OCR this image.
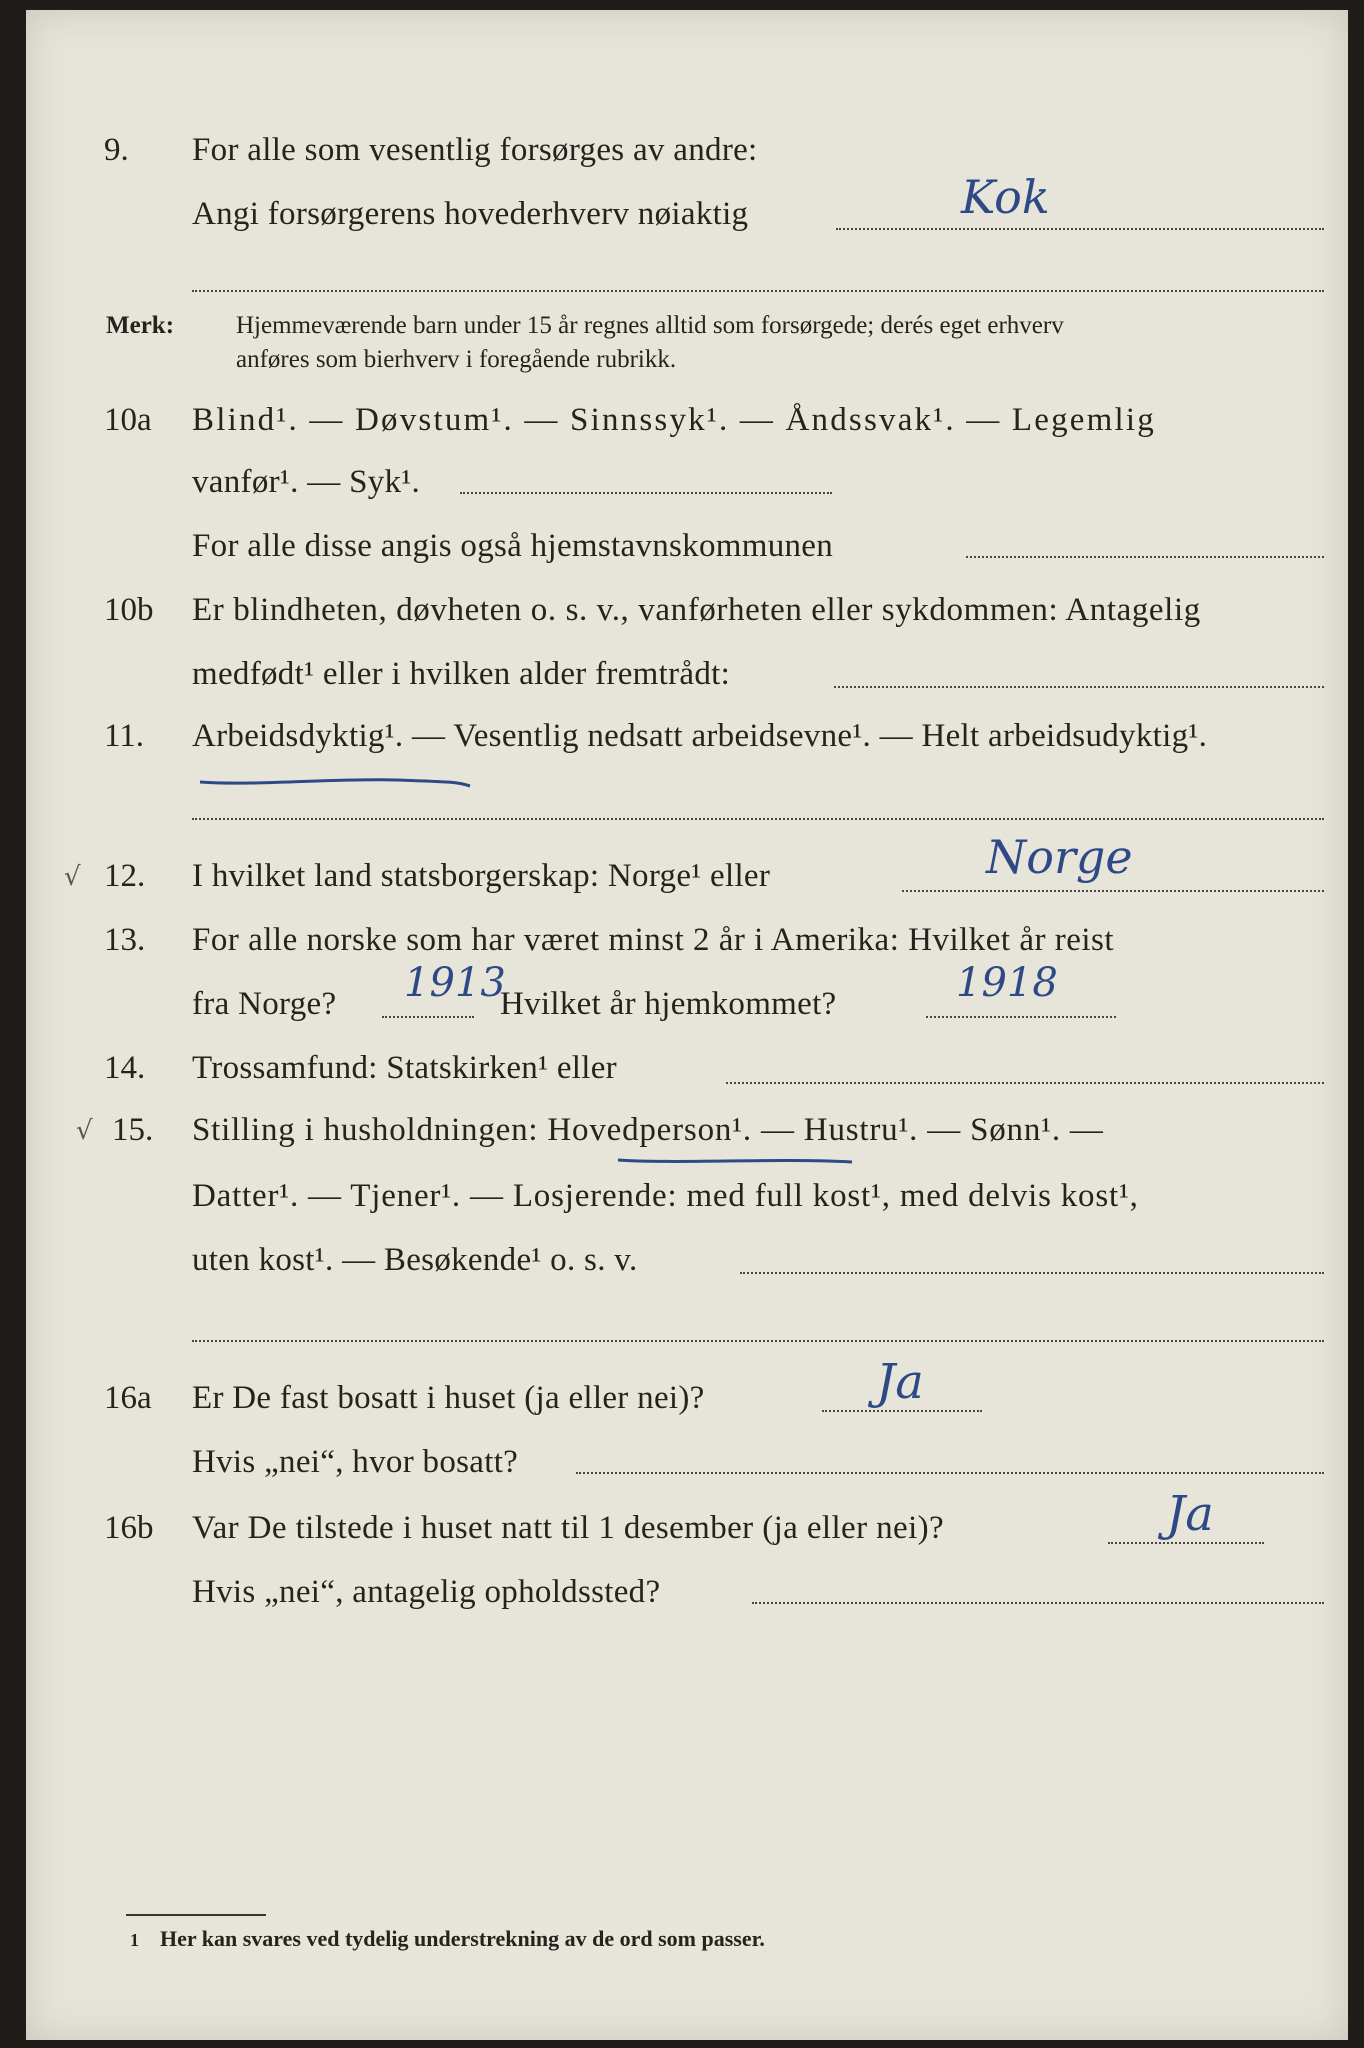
9. For alle som vesentlig forsørges av andre:
Angi forsørgerens hovederhverv nøiaktig	Kok
Merk: Hjemmeværende barn under 15 år regnes alltid som forsørgede; derés eget erhverv
anføres som bierhverv i foregående rubrikk.
10a Blind¹. — Døvstum¹. — Sinnssyk¹. — Åndssvak¹. — Legemlig
vanfør¹. — Syk¹.
For alle disse angis også hjemstavnskommunen
10b Er blindheten, døvheten o. s. v., vanførheten eller sykdommen: Antagelig
medfødt¹ eller i hvilken alder fremtrådt:
11. Arbeidsdyktig¹. — Vesentlig nedsatt arbeidsevne¹. — Helt arbeidsudyktig¹.
√ 12. I hvilket land statsborgerskap: Norge¹ eller	Norge
13. For alle norske som har været minst 2 år i Amerika: Hvilket år reist
fra Norge? 1913
Hvilket år hjemkommet?	1918
14. Trossamfund: Statskirken¹ eller
√ 15. Stilling i husholdningen: Hovedperson¹. — Hustru¹. — Sønn¹. —
Datter¹. — Tjener¹. — Losjerende: med full kost¹, med delvis kost¹,
uten kost¹. — Besøkende¹ o. s. v.
16a Er De fast bosatt i huset (ja eller nei)?	Ja
Hvis „nei“, hvor bosatt?
16b Var De tilstede i huset natt til 1 desember (ja eller nei)?	Ja
Hvis „nei“, antagelig opholdssted?
1 Her kan svares ved tydelig understrekning av de ord som passer.
